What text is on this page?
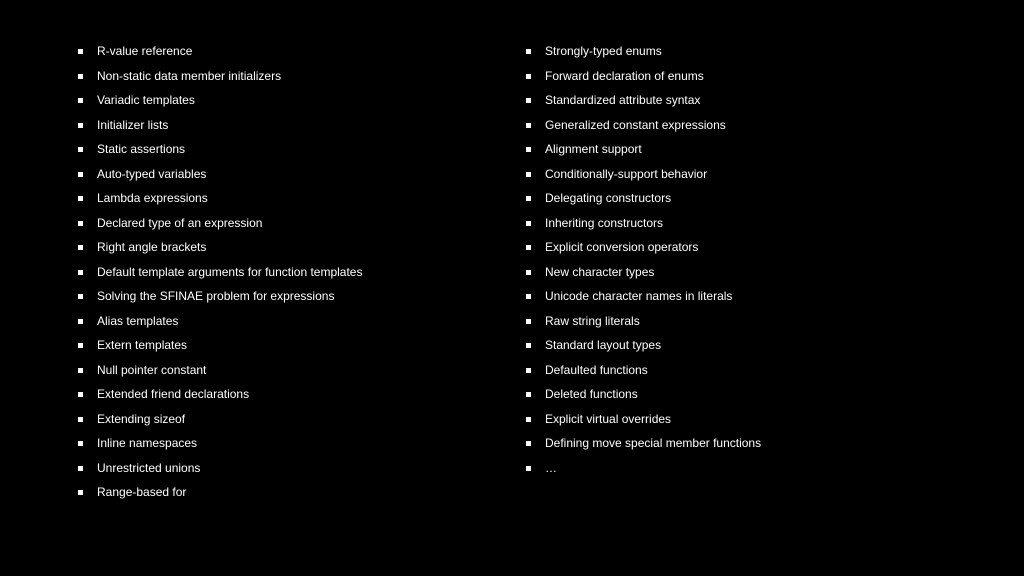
R-value reference
Non-static data member initializers
Variadic templates
Initializer lists
Static assertions
Auto-typed variables
Lambda expressions
Declared type of an expression
Right angle brackets
Default template arguments for function templates
Solving the SFINAE problem for expressions
Alias templates
Extern templates
Null pointer constant
Extended friend declarations
Extending sizeof
Inline namespaces
Unrestricted unions
Range-based for
Strongly-typed enums
Forward declaration of enums
Standardized attribute syntax
Generalized constant expressions
Alignment support
Conditionally-support behavior
Delegating constructors
Inheriting constructors
Explicit conversion operators
New character types
Unicode character names in literals
Raw string literals
Standard layout types
Defaulted functions
Deleted functions
Explicit virtual overrides
Defining move special member functions
…
